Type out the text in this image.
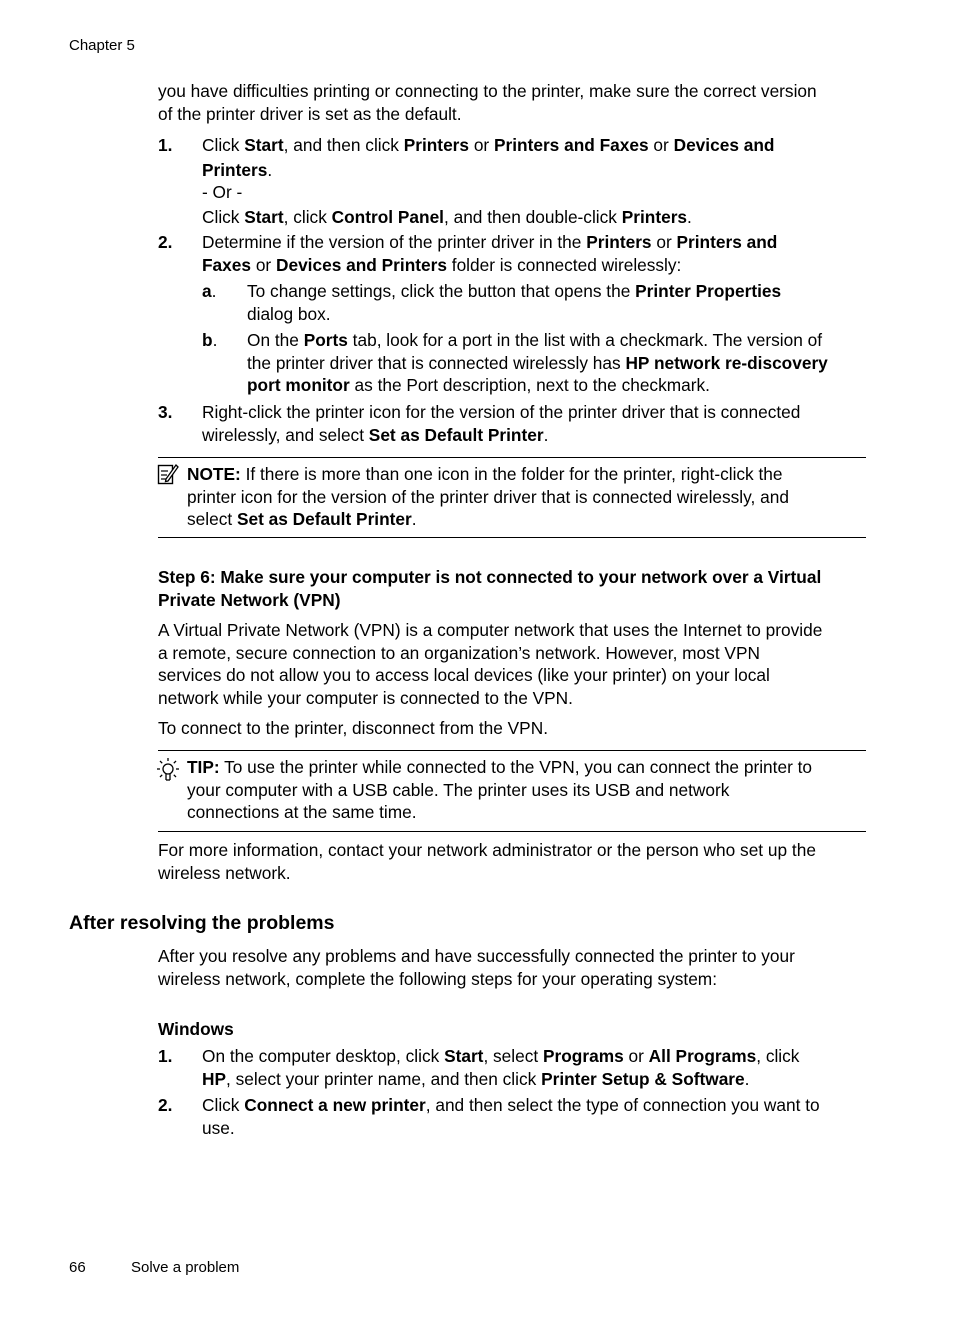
Chapter 5
you have difficulties printing or connecting to the printer, make sure the correct version
of the printer driver is set as the default.
1. Click Start, and then click Printers or Printers and Faxes or Devices and
Printers.
- Or -
Click Start, click Control Panel, and then double-click Printers.
2. Determine if the version of the printer driver in the Printers or Printers and
Faxes or Devices and Printers folder is connected wirelessly:
a. To change settings, click the button that opens the Printer Properties
dialog box.
b. On the Ports tab, look for a port in the list with a checkmark. The version of
the printer driver that is connected wirelessly has HP network re-discovery
port monitor as the Port description, next to the checkmark.
3. Right-click the printer icon for the version of the printer driver that is connected
wirelessly, and select Set as Default Printer.
NOTE: If there is more than one icon in the folder for the printer, right-click the
printer icon for the version of the printer driver that is connected wirelessly, and
select Set as Default Printer.
Step 6: Make sure your computer is not connected to your network over a Virtual
Private Network (VPN)
A Virtual Private Network (VPN) is a computer network that uses the Internet to provide
a remote, secure connection to an organization’s network. However, most VPN
services do not allow you to access local devices (like your printer) on your local
network while your computer is connected to the VPN.
To connect to the printer, disconnect from the VPN.
TIP: To use the printer while connected to the VPN, you can connect the printer to
your computer with a USB cable. The printer uses its USB and network
connections at the same time.
For more information, contact your network administrator or the person who set up the
wireless network.
After resolving the problems
After you resolve any problems and have successfully connected the printer to your
wireless network, complete the following steps for your operating system:
Windows
1. On the computer desktop, click Start, select Programs or All Programs, click
HP, select your printer name, and then click Printer Setup & Software.
2. Click Connect a new printer, and then select the type of connection you want to
use.
66	Solve a problem
